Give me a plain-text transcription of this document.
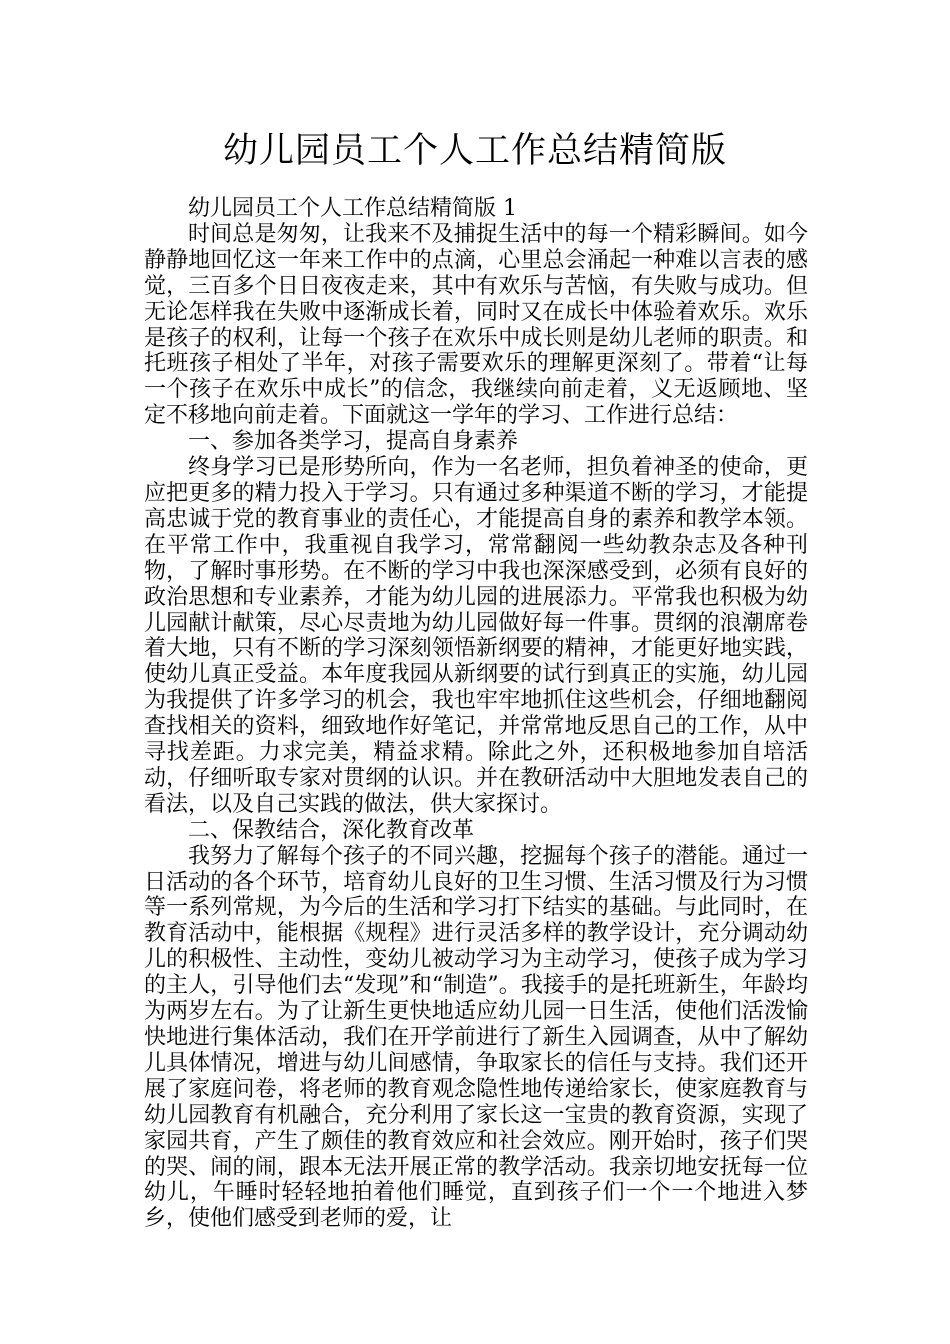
幼儿园员工个人工作总结精简版

幼儿园员工个人工作总结精简版 1

时间总是匆匆，让我来不及捕捉生活中的每一个精彩瞬间。如今静静地回忆这一年来工作中的点滴，心里总会涌起一种难以言表的感觉，三百多个日日夜夜走来，其中有欢乐与苦恼，有失败与成功。但无论怎样我在失败中逐渐成长着，同时又在成长中体验着欢乐。欢乐是孩子的权利，让每一个孩子在欢乐中成长则是幼儿老师的职责。和托班孩子相处了半年，对孩子需要欢乐的理解更深刻了。带着“让每一个孩子在欢乐中成长”的信念，我继续向前走着，义无返顾地、坚定不移地向前走着。下面就这一学年的学习、工作进行总结：

一、参加各类学习，提高自身素养

终身学习已是形势所向，作为一名老师，担负着神圣的使命，更应把更多的精力投入于学习。只有通过多种渠道不断的学习，才能提高忠诚于党的教育事业的责任心，才能提高自身的素养和教学本领。在平常工作中，我重视自我学习，常常翻阅一些幼教杂志及各种刊物，了解时事形势。在不断的学习中我也深深感受到，必须有良好的政治思想和专业素养，才能为幼儿园的进展添力。平常我也积极为幼儿园献计献策，尽心尽责地为幼儿园做好每一件事。贯纲的浪潮席卷着大地，只有不断的学习深刻领悟新纲要的精神，才能更好地实践，使幼儿真正受益。本年度我园从新纲要的试行到真正的实施，幼儿园为我提供了许多学习的机会，我也牢牢地抓住这些机会，仔细地翻阅查找相关的资料，细致地作好笔记，并常常地反思自己的工作，从中寻找差距。力求完美，精益求精。除此之外，还积极地参加自培活动，仔细听取专家对贯纲的认识。并在教研活动中大胆地发表自己的看法，以及自己实践的做法，供大家探讨。

二、保教结合，深化教育改革

我努力了解每个孩子的不同兴趣，挖掘每个孩子的潜能。通过一日活动的各个环节，培育幼儿良好的卫生习惯、生活习惯及行为习惯等一系列常规，为今后的生活和学习打下结实的基础。与此同时，在教育活动中，能根据《规程》进行灵活多样的教学设计，充分调动幼儿的积极性、主动性，变幼儿被动学习为主动学习，使孩子成为学习的主人，引导他们去“发现”和“制造”。我接手的是托班新生，年龄均为两岁左右。为了让新生更快地适应幼儿园一日生活，使他们活泼愉快地进行集体活动，我们在开学前进行了新生入园调查，从中了解幼儿具体情况，增进与幼儿间感情，争取家长的信任与支持。我们还开展了家庭问卷，将老师的教育观念隐性地传递给家长，使家庭教育与幼儿园教育有机融合，充分利用了家长这一宝贵的教育资源，实现了家园共育，产生了颇佳的教育效应和社会效应。刚开始时，孩子们哭的哭、闹的闹，跟本无法开展正常的教学活动。我亲切地安抚每一位幼儿，午睡时轻轻地拍着他们睡觉，直到孩子们一个一个地进入梦乡，使他们感受到老师的爱，让
